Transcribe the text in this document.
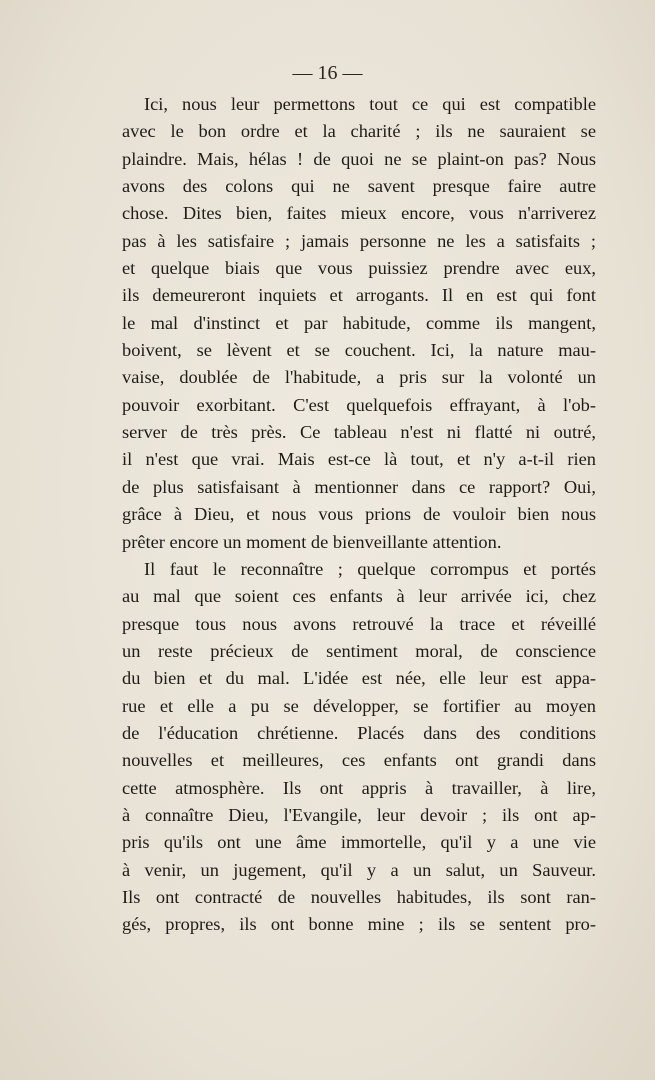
— 16 —
Ici, nous leur permettons tout ce qui est compatible
avec le bon ordre et la charité ; ils ne sauraient se
plaindre. Mais, hélas ! de quoi ne se plaint-on pas? Nous
avons des colons qui ne savent presque faire autre
chose. Dites bien, faites mieux encore, vous n'arriverez
pas à les satisfaire ; jamais personne ne les a satisfaits ;
et quelque biais que vous puissiez prendre avec eux,
ils demeureront inquiets et arrogants. Il en est qui font
le mal d'instinct et par habitude, comme ils mangent,
boivent, se lèvent et se couchent. Ici, la nature mau-
vaise, doublée de l'habitude, a pris sur la volonté un
pouvoir exorbitant. C'est quelquefois effrayant, à l'ob-
server de très près. Ce tableau n'est ni flatté ni outré,
il n'est que vrai. Mais est-ce là tout, et n'y a-t-il rien
de plus satisfaisant à mentionner dans ce rapport? Oui,
grâce à Dieu, et nous vous prions de vouloir bien nous
prêter encore un moment de bienveillante attention.
Il faut le reconnaître ; quelque corrompus et portés
au mal que soient ces enfants à leur arrivée ici, chez
presque tous nous avons retrouvé la trace et réveillé
un reste précieux de sentiment moral, de conscience
du bien et du mal. L'idée est née, elle leur est appa-
rue et elle a pu se développer, se fortifier au moyen
de l'éducation chrétienne. Placés dans des conditions
nouvelles et meilleures, ces enfants ont grandi dans
cette atmosphère. Ils ont appris à travailler, à lire,
à connaître Dieu, l'Evangile, leur devoir ; ils ont ap-
pris qu'ils ont une âme immortelle, qu'il y a une vie
à venir, un jugement, qu'il y a un salut, un Sauveur.
Ils ont contracté de nouvelles habitudes, ils sont ran-
gés, propres, ils ont bonne mine ; ils se sentent pro-
